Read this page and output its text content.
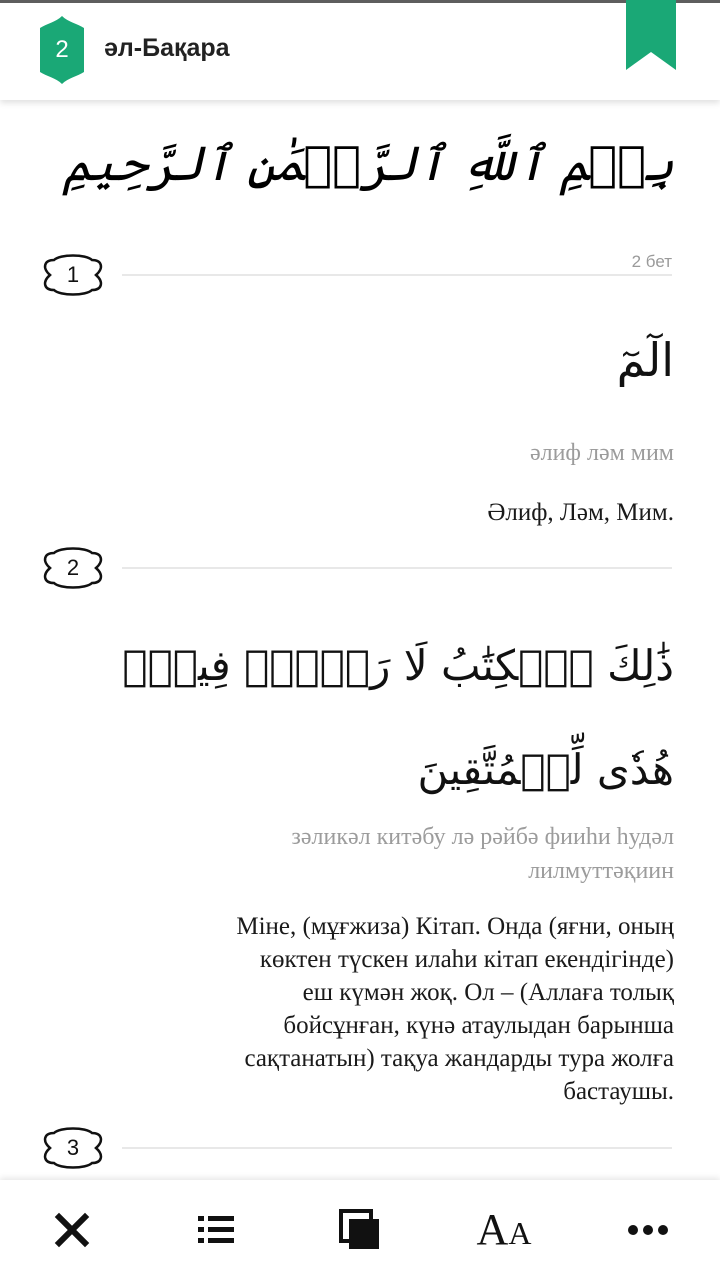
2	әл-Бақара
بِسۡمِ ٱللَّهِ ٱلرَّحۡمَٰنِ ٱلرَّحِيمِ
1
2 бет
الٓمٓ
әлиф ләм мим
Әлиф, Ләм, Мим.
2
ذَٰلِكَ ٱلۡكِتَٰبُ لَا رَيۡبَۛ فِيهِۛ
هُدٗى لِّلۡمُتَّقِينَ
зәликәл китәбу лә рәйбә фииһи һудәл
лилмуттәқиин
Міне, (мұғжиза) Кітап. Онда (яғни, оның
көктен түскен илаһи кітап екендігінде)
еш күмән жоқ. Ол – (Аллаға толық
бойсұнған, күнә атаулыдан барынша
сақтанатын) тақуа жандарды тура жолға
бастаушы.
3
AA
